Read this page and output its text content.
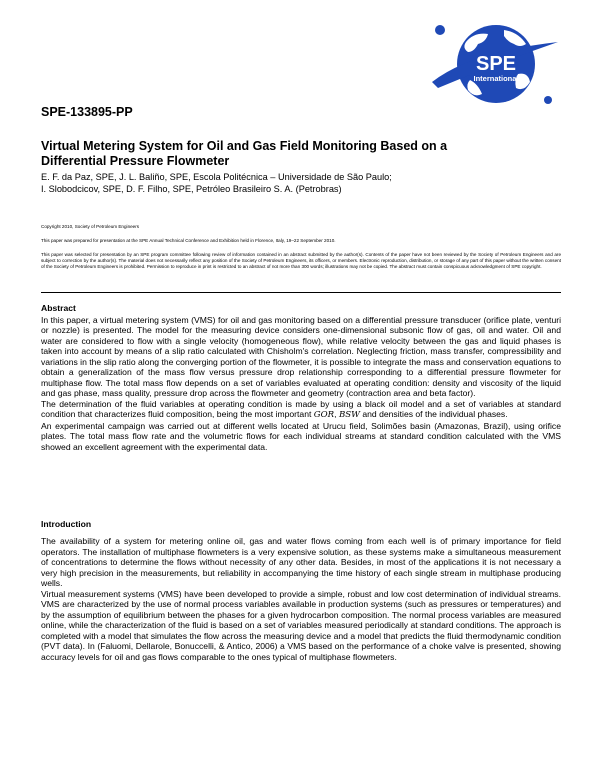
SPE
International
SPE-133895-PP
Virtual Metering System for Oil and Gas Field Monitoring Based on a Differential Pressure Flowmeter
E. F. da Paz, SPE, J. L. Baliño, SPE, Escola Politécnica – Universidade de São Paulo;
I. Slobodcicov, SPE, D. F. Filho, SPE, Petróleo Brasileiro S. A. (Petrobras)
Copyright 2010, Society of Petroleum Engineers
This paper was prepared for presentation at the SPE Annual Technical Conference and Exhibition held in Florence, Italy, 19–22 September 2010.
This paper was selected for presentation by an SPE program committee following review of information contained in an abstract submitted by the author(s). Contents of the paper have not been reviewed by the Society of Petroleum Engineers and are subject to correction by the author(s). The material does not necessarily reflect any position of the Society of Petroleum Engineers, its officers, or members. Electronic reproduction, distribution, or storage of any part of this paper without the written consent of the Society of Petroleum Engineers is prohibited. Permission to reproduce in print is restricted to an abstract of not more than 300 words; illustrations may not be copied. The abstract must contain conspicuous acknowledgment of SPE copyright.
Abstract

In this paper, a virtual metering system (VMS) for oil and gas monitoring based on a differential pressure transducer (orifice plate, venturi or nozzle) is presented. The model for the measuring device considers one-dimensional subsonic flow of gas, oil and water. Oil and water are considered to flow with a single velocity (homogeneous flow), while relative velocity between the gas and liquid phases is taken into account by means of a slip ratio calculated with Chisholm's correlation. Neglecting friction, mass transfer, compressibility and variations in the slip ratio along the converging portion of the flowmeter, it is possible to integrate the mass and conservation equations to obtain a generalization of the mass flow versus pressure drop relationship corresponding to a differential pressure flowmeter for multiphase flow. The total mass flow depends on a set of variables evaluated at operating condition: density and viscosity of the liquid and gas phase, mass quality, pressure drop across the flowmeter and geometry (contraction area and beta factor).

The determination of the fluid variables at operating condition is made by using a black oil model and a set of variables at standard condition that characterizes fluid composition, being the most important GOR, BSW and densities of the individual phases.

An experimental campaign was carried out at different wells located at Urucu field, Solimões basin (Amazonas, Brazil), using orifice plates. The total mass flow rate and the volumetric flows for each individual streams at standard condition calculated with the VMS showed an excellent agreement with the experimental data.

Introduction

The availability of a system for metering online oil, gas and water flows coming from each well is of primary importance for field operators. The installation of multiphase flowmeters is a very expensive solution, as these systems make a simultaneous measurement of concentrations to determine the flows without necessity of any other data. Besides, in most of the applications it is not necessary a very high precision in the measurements, but reliability in accompanying the time history of each single stream in multiphase producing wells.

Virtual measurement systems (VMS) have been developed to provide a simple, robust and low cost determination of individual streams. VMS are characterized by the use of normal process variables available in production systems (such as pressures or temperatures) and by the assumption of equilibrium between the phases for a given hydrocarbon composition. The normal process variables are measured online, while the characterization of the fluid is based on a set of variables measured periodically at standard conditions. The approach is completed with a model that simulates the flow across the measuring device and a model that predicts the fluid thermodynamic condition (PVT data). In (Faluomi, Dellarole, Bonuccelli, & Antico, 2006) a VMS based on the performance of a choke valve is presented, showing accuracy levels for oil and gas flows comparable to the ones typical of multiphase flowmeters.
